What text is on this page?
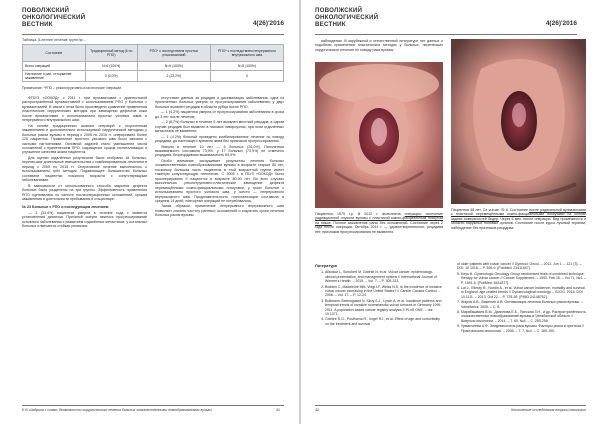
ПОВОЛЖСКИЙ
ОНКОЛОГИЧЕСКИЙ
ВЕСТНИК	4(26)'2016
Таблица. 5-летнее лечение групп пр...
Состояние	Традиционный метод (6 по РПО)	РПО* с последствием простых ульскаэзиоиий	РПО* с последствием непрерывного внутрикожного шва
Всего операций	N=6 (100%)	N=9 (100%)	N=8 (100%)
Нагноение п.ран, отторжение заживление	0 (0,0%)	2 (22,2%)	0
Примечание: *РПО – реконструктивно-пластические операции

ФГБУЗ «ООКОД» с 2011 г. при вульвэктомии с диагностикой распространённой вульвэктомией с использованием РПО у больных с вульвэктомией. В связи с этим было произведено сравнение применения пластических хирургических методик при замещении дефектов кожи после вульвэктомии с использованием простых узловых швов и непрерывного внутрикожного шва.

На основе традиционных шовных операций с отсроченным заживлением и дополнительно используемой хирургической методики у больных раком вульвы в период с 2005 по 2015 гг. оперировано более 120 пациенток. Применение простого узлового шва было связано с частыми нагноениями. Основной задачей стало уменьшение числа осложнений с применением ПРО, сокращение сроков госпитализации и улучшение качества жизни пациенток.

Для оценки отдалённых результатов были отобраны 18 больных, перенесших длительные вмешательства с комбинированным лечением в период с 2005 по 2015 гг. Оперативное лечение выполнялось с использованием трёх методик. Подавляющее большинство больных составили пациентки пожилого возраста с сопутствующими заболеваниями.

В зависимости от использованного способа закрытия дефекта больные были разделены на три группы. Эффективность применения РПО оценивалась по частоте послеоперационных осложнений, срокам заживления и длительности пребывания в стационаре.

№ 23 Больные с РПО и последующим лечением

— 3 (33,4%) пациентки умерли в течение года с момента установления диагноза. Причиной смерти явилось прогрессирование основного заболевания с развитием отдалённых метастазов, у остальных больных отмечается стойкая ремиссия.

отсутствие данных за рецидив и дисеминацию заболевания; одна из пролеченных больных умерла от прогрессирования заболевания; у двух больных выявлен рецидив в области рубца после РПО.

— 1 (4,2%) пациентка умерла от прогрессирования заболевания в сроки до 3 лет после лечения;

— 2 (8,7%) больных в течение 5 лет выявлен местный рецидив; в одном случае рецидив был выявлен в паховых лимфоузлах, при этом отдалённых метастазов не выявлено;

— 1 (4,2%) больной проведено комбинированное лечение по поводу рецидива, до настоящего времени жива без признаков прогрессирования.

Умерли в течение 10 лет — 6 больных (26,0%). Пятилетняя выживаемость составила 73,9%, у 17 больных (73,9%) не отмечено рецидива, безрецидивная выживаемость 69,5%.

Особо внимание заслуживает результаты лечения больных злокачественными новообразованиями вульвы в возрасте старше 80 лет, поскольку большая часть пациентов в этой возрастной группе имеет тяжёлую сопутствующую патологию. С 2005 г. в ГБУЗ «ООКОД» было прооперировано 9 пациенток в возрасте 80-90 лет. Во всех случаях выполнялось реконструктивно-пластическое замещение дефекта перемещёнными кожно-фасциальными лоскутами, у троих больных с использованием простого узлового шва, у шести — непрерывного внутрикожного шва. Продолжительность госпитализации составила в среднем 14 дней, повторных операций не потребовалось.

Таким образом, применение непрерывного внутрикожного шва позволяет снизить частоту раневых осложнений и сократить сроки лечения больных раком вульвы.

Е.В. Шадрина с соавт. Возможности хирургического лечения больных злокачественными новообразованиями вульвы	41
ПОВОЛЖСКИЙ
ОНКОЛОГИЧЕСКИЙ
ВЕСТНИК	4(26)'2016

наблюдения. В зарубежной и отечественной литературе нет данных о подобном применении пластических методик у больных, перенесших хирургическое лечение по поводу рака вульвы.

Пациентка 48 лет, Ca vulvae. St II. Состояние после радикальной вульвэктомии с пластикой перемещёнными кожно-фасциальными лоскутами на основе задних поверхностей бедер. Через 6 мес. после операции. Вид промежности и области наружных половых органов. Состояние после курса лучевой терапии, наблюдение без признаков рецидива.
Пациентка 1975 г.р. В 2012 г. выполнена операция: иссечение радиационной опухоли вульвы с пластикой кожно-фасциальным лоскутом на ножке. Полное заживление раны без осложнений. Состояние через 2 года после операции. Октябрь 2014 г. — удовлетворительное, рецидива нет, признаков прогрессирования не выявлено.
Литература
1. Allsoluut L, Schubert M, Gabriel N, et al. Vulvar cancer: epidemiology, clinical presentation, and management options // International Journal of Women's Health. – 2015. – Vol. 7. – P. 305-313.
2. Bodden C, Madeleine MM, Voigt LF, Weiss N.S. Is the incidence of invasive vulvar cancer increasing in the United States? // Cancer Causes Control. – 2006. – Vol. 17. – P. 12-24.
3. Buttmann-Steensgaard N, Skuy S.J., Lynch A. et al. Incidence patterns and temporal trends of invasive nonmelanotic vulvar tumours in Germany 1999-2011. A population-based cancer registry analysis // PLoS ONE. – doi: 10.1371.
4. Ghebre R.G., Posthuma R., Vogel R.I., et al. Effect of age and comorbidity on the treatment and survival
of older patients with vulvar cancer // Gynecol. Oncol. – 2011. Jun 1. – 121 (3). – DOI: 10.1016. – P. 595-9. [PubMed: 21411647].
5. Keys H. Gynecologic Oncology Group randomized trials of combined technique therapy for vulvar cancer // Cancer Supplement. – 1993. Feb 15. – Vol 71, №4. – P. 1691-6. [PubMed: 8431877].
6. Lai J., Elleray R., Nordin A., et al. Vulval cancer incidence, mortality and survival in England: age-related trends // Gynaecological oncology. – BJOG. 2014; DOI 10.1111. – 2013. Oct 22. – P. 728-39. [PMID 24148762].
7. Жаров А.В., Важенин А.В. Оптимизация лечения больных раком вульвы. – Челябинск, 2005. – С. 8.
8. Марабашвили В.М., Данилова Е.Б., Пинская З.Н., и др. Распространённость злокачественных новообразований вульвы в Челябинской области // Вопросы онкологии. – 2014. – Т. 60, №4. – С. 250-256.
9. Урманчеева А.Ф. Эпидемиология рака вульвы. Факторы риска и прогноза // Практическая онкология. – 2006. – Т. 7, №4. – С. 189-190.
42	Клинические исследования вопросы онкологии
